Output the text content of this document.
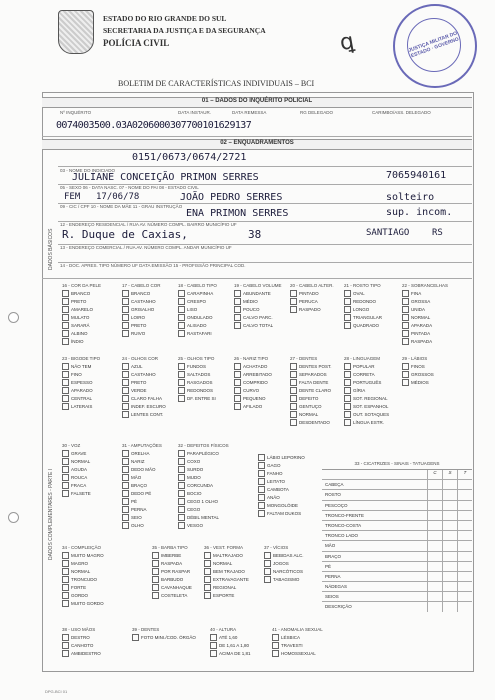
ESTADO DO RIO GRANDE DO SUL
SECRETARIA DA JUSTIÇA E DA SEGURANÇA
POLÍCIA CIVIL	ꝗ	JUSTIÇA MILITAR DO ESTADO · GOVERNO
BOLETIM DE CARACTERÍSTICAS INDIVIDUAIS – BCI
01 – DADOS DO INQUÉRITO POLICIAL
Nº INQUÉRITO	DATA INSTAUR.	DATA REMESSA	RG DELEGADO	CARIMBO/ASS. DELEGADO
0074003500.03A0206000307700101629137
02 – ENQUADRAMENTOS
0151/0673/0674/2721
DADOS BÁSICOS
03 - NOME DO INDICIADO
JULIANE CONCEIÇÃO PRIMON SERRES	7065940161
05 - SEXO 06 - DATA NASC. 07 - NOME DO PAI 08 - ESTADO CIVIL
FEM 17/06/78	JOÃO PEDRO SERRES	solteiro
09 - CIC / CPF 10 - NOME DA MÃE 11 - GRAU INSTRUÇÃO
ENA PRIMON SERRES	sup. incom.
12 - ENDEREÇO RESIDENCIAL / RUA AV. NÚMERO COMPL. BAIRRO MUNICÍPIO UF
R. Duque de Caxias,	38	SANTIAGO	RS
13 - ENDEREÇO COMERCIAL / RUA AV. NÚMERO COMPL. ANDAR MUNICÍPIO UF
14 - DOC. APRES. TIPO NÚMERO UF DATA EMISSÃO 15 - PROFISSÃO PRINCIPAL COD.
DADOS COMPLEMENTARES - PARTE I
16 - COR DA PELE
BRANCO
PRETO
AMARELO
MULATO
SARARÁ
ALBINO
ÍNDIO
17 - CABELO COR
BRANCO
CASTANHO
GRISALHO
LOIRO
PRETO
RUIVO
18 - CABELO TIPO
CARAPINHA
CRESPO
LISO
ONDULADO
ALISADO
RASTAFARI
19 - CABELO VOLUME
ABUNDANTE
MÉDIO
POUCO
CALVO PARC.
CALVO TOTAL
20 - CABELO ALTER.
PINTADO
PERUCA
RASPADO
21 - ROSTO TIPO
OVAL
REDONDO
LONGO
TRIANGULAR
QUADRADO
22 - SOBRANCELHAS
FINA
GROSSA
UNIDA
NORMAL
APARADA
PINTADA
RASPADA
23 - BIGODE TIPO
NÃO TEM
FINO
ESPESSO
APARADO
CENTRAL
LATERAIS
24 - OLHOS COR
AZUL
CASTANHO
PRETO
VERDE
CLARO FALHA
INDEF. ESCURO
LENTES CONT.
25 - OLHOS TIPO
FUNDOS
SALTADOS
RASGADOS
REDONDOS
DF. ENTRE SI
26 - NARIZ TIPO
ACHATADO
ARREBITADO
COMPRIDO
CURVO
PEQUENO
AFILADO
27 - DENTES
DENTES POST.
SEPARADOS
FALTA DENTE
DENTE CLARO
DEFEITO
GENTUÇO
NORMAL
DESDENTADO
28 - LINGUAGEM
POPULAR
CORRETA
PORTUGUÊS
GÍRIA
SOT. REGIONAL
SOT. ESPANHOL
OUT. SOTAQUES
LÍNGUA ESTR.
29 - LÁBIOS
FINOS
GROSSOS
MÉDIOS
30 - VOZ
GRAVE
NORMAL
AGUDA
ROUCA
FRACA
FALSETE
31 - AMPUTAÇÕES
ORELHA
NARIZ
DEDO MÃO
MÃO
BRAÇO
DEDO PÉ
PÉ
PERNA
SEIO
OLHO
32 - DEFEITOS FÍSICOS
PARAPLÉGICO
COXO
SURDO
MUDO
CORCUNDA
BOCIO
CEGO 1 OLHO
CEGO
DÉBIL MENTAL
VESGO
LÁBIO LEPORINO
GAGO
FANHO
LEITATO
CAMBOTA
ANÃO
MONGOLÓIDE
FALTAM DUKOS
34 - COMPLEIÇÃO
MUITO MAGRO
MAGRO
NORMAL
TRONCUDO
FORTE
GORDO
MUITO GORDO
35 - BARBA TIPO
IMBERBE
RASPADA
POR RASPAR
BARBUDO
CAVANHAQUE
COSTELETA
36 - VEST. FORMA
MALTRAJADO
NORMAL
BEM TRAJADO
EXTRAVAGANTE
REGIONAL
ESPORTE
37 - VÍCIOS
BEBIDAS ALC.
JOGOS
NARCÓTICOS
TABAGISMO
38 - USO MÃOS
DESTRO
CANHOTO
AMBIDESTRO
39 - DENTES
FOTO MINI./COD. ÓRGÃO
40 - ALTURA
ATÉ 1,60
DE 1,61 A 1,80
ACIMA DE 1,81
41 - ANOMALIA SEXUAL
LÉSBICA
TRAVESTI
HOMOSSEXUAL
33 - CICATRIZES - SINAIS - TATUAGENS
C	S	T
CABEÇA
ROSTO
PESCOÇO
TRONCO-FRENTE
TRONCO-COSTA
TRONCO LADO
MÃO
BRAÇO
PÉ
PERNA
NÁDEGAS
SEIOS
DESCRIÇÃO
DPG-BCI 01
